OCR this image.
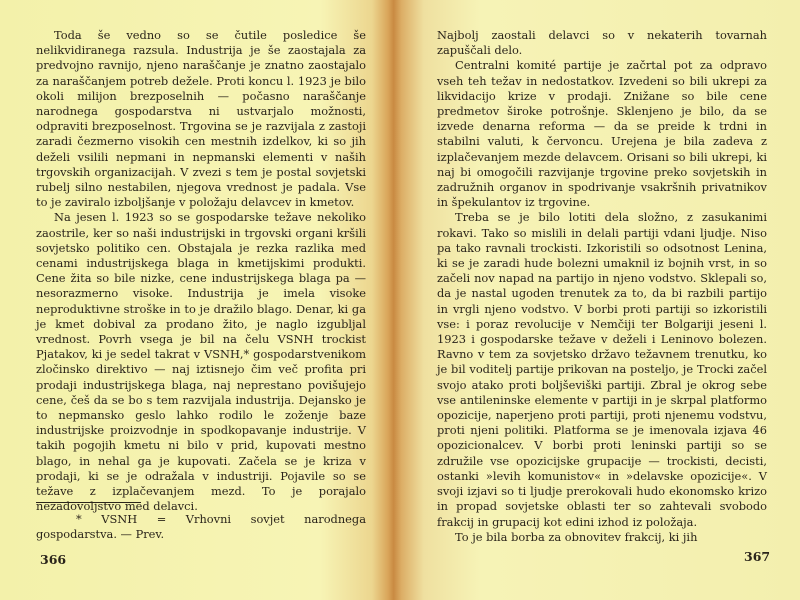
Toda še vedno so se čutile posledice še nelikvidiranega razsula. Industrija je še zaostajala za predvojno ravnijo, njeno naraščanje je znatno zaostajalo za naraščanjem potreb dežele. Proti koncu l. 1923 je bilo okoli milijon brezposelnih — počasno naraščanje narodnega gospodarstva ni ustvarjalo možnosti, odpraviti brezposelnost. Trgovina se je razvijala z zastoji zaradi čezmerno visokih cen mestnih izdelkov, ki so jih deželi vsilili nepmani in nepmanski elementi v naših trgovskih organizacijah. V zvezi s tem je postal sovjetski rubelj silno nestabilen, njegova vrednost je padala. Vse to je zaviralo izboljšanje v položaju delavcev in kmetov.

Na jesen l. 1923 so se gospodarske težave nekoliko zaostrile, ker so naši industrijski in trgovski organi kršili sovjetsko politiko cen. Obstajala je rezka razlika med cenami industrijskega blaga in kmetijskimi produkti. Cene žita so bile nizke, cene industrijskega blaga pa — nesorazmerno visoke. Industrija je imela visoke neproduktivne stroške in to je dražilo blago. Denar, ki ga je kmet dobival za prodano žito, je naglo izgubljal vrednost. Povrh vsega je bil na čelu VSNH trockist Pjatakov, ki je sedel takrat v VSNH,* gospodarstvenikom zločinsko direktivo — naj iztisnejo čim več profita pri prodaji industrijskega blaga, naj neprestano povišujejo cene, češ da se bo s tem razvijala industrija. Dejansko je to nepmansko geslo lahko rodilo le zoženje baze industrijske proizvodnje in spodkopavanje industrije. V takih pogojih kmetu ni bilo v prid, kupovati mestno blago, in nehal ga je kupovati. Začela se je kriza v prodaji, ki se je odražala v industriji. Pojavile so se težave z izplačevanjem mezd. To je porajalo nezadovoljstvo med delavci.

* VSNH = Vrhovni sovjet narodnega gospodarstva. — Prev.
366

Najbolj zaostali delavci so v nekaterih tovarnah zapuščali delo.

Centralni komité partije je začrtal pot za odpravo vseh teh težav in nedostatkov. Izvedeni so bili ukrepi za likvidacijo krize v prodaji. Znižane so bile cene predmetov široke potrošnje. Sklenjeno je bilo, da se izvede denarna reforma — da se preide k trdni in stabilni valuti, k červoncu. Urejena je bila zadeva z izplačevanjem mezde delavcem. Orisani so bili ukrepi, ki naj bi omogočili razvijanje trgovine preko sovjetskih in zadružnih organov in spodrivanje vsakršnih privatnikov in špekulantov iz trgovine.

Treba se je bilo lotiti dela složno, z zasukanimi rokavi. Tako so mislili in delali partiji vdani ljudje. Niso pa tako ravnali trockisti. Izkoristili so odsotnost Lenina, ki se je zaradi hude bolezni umaknil iz bojnih vrst, in so začeli nov napad na partijo in njeno vodstvo. Sklepali so, da je nastal ugoden trenutek za to, da bi razbili partijo in vrgli njeno vodstvo. V borbi proti partiji so izkoristili vse: i poraz revolucije v Nemčiji ter Bolgariji jeseni l. 1923 i gospodarske težave v deželi i Leninovo bolezen. Ravno v tem za sovjetsko državo težavnem trenutku, ko je bil voditelj partije prikovan na posteljo, je Trocki začel svojo atako proti boljševiški partiji. Zbral je okrog sebe vse antileninske elemente v partiji in je skrpal platformo opozicije, naperjeno proti partiji, proti njenemu vodstvu, proti njeni politiki. Platforma se je imenovala izjava 46 opozicionalcev. V borbi proti leninski partiji so se združile vse opozicijske grupacije — trockisti, decisti, ostanki »levih komunistov« in »delavske opozicije«. V svoji izjavi so ti ljudje prerokovali hudo ekonomsko krizo in propad sovjetske oblasti ter so zahtevali svobodo frakcij in grupacij kot edini izhod iz položaja.

To je bila borba za obnovitev frakcij, ki jih

367
